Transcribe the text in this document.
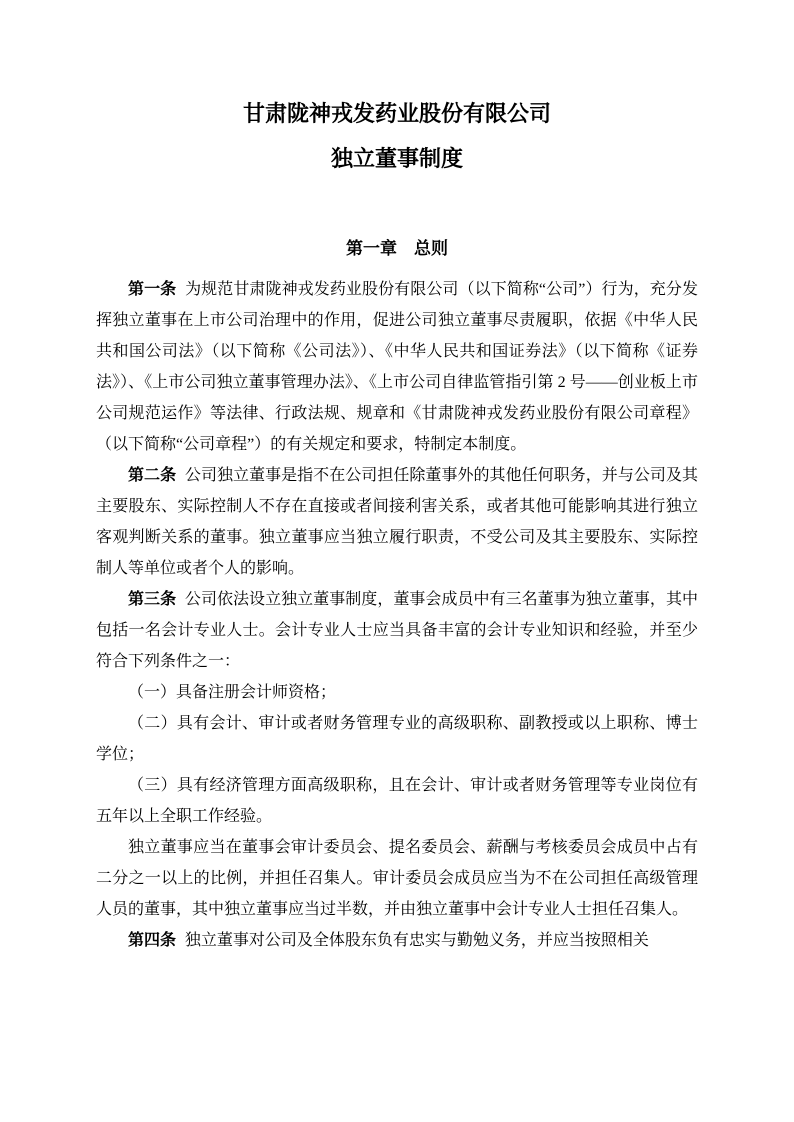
甘肃陇神戎发药业股份有限公司
独立董事制度
第一章　总则

第一条 为规范甘肃陇神戎发药业股份有限公司（以下简称“公司”）行为，充分发挥独立董事在上市公司治理中的作用，促进公司独立董事尽责履职，依据《中华人民共和国公司法》（以下简称《公司法》）、《中华人民共和国证券法》（以下简称《证券法》）、《上市公司独立董事管理办法》、《上市公司自律监管指引第 2 号——创业板上市公司规范运作》等法律、行政法规、规章和《甘肃陇神戎发药业股份有限公司章程》（以下简称“公司章程”）的有关规定和要求，特制定本制度。

第二条 公司独立董事是指不在公司担任除董事外的其他任何职务，并与公司及其主要股东、实际控制人不存在直接或者间接利害关系，或者其他可能影响其进行独立客观判断关系的董事。独立董事应当独立履行职责，不受公司及其主要股东、实际控制人等单位或者个人的影响。

第三条 公司依法设立独立董事制度，董事会成员中有三名董事为独立董事，其中包括一名会计专业人士。会计专业人士应当具备丰富的会计专业知识和经验，并至少符合下列条件之一：

（一）具备注册会计师资格；

（二）具有会计、审计或者财务管理专业的高级职称、副教授或以上职称、博士学位；

（三）具有经济管理方面高级职称，且在会计、审计或者财务管理等专业岗位有五年以上全职工作经验。

独立董事应当在董事会审计委员会、提名委员会、薪酬与考核委员会成员中占有二分之一以上的比例，并担任召集人。审计委员会成员应当为不在公司担任高级管理人员的董事，其中独立董事应当过半数，并由独立董事中会计专业人士担任召集人。

第四条 独立董事对公司及全体股东负有忠实与勤勉义务，并应当按照相关
